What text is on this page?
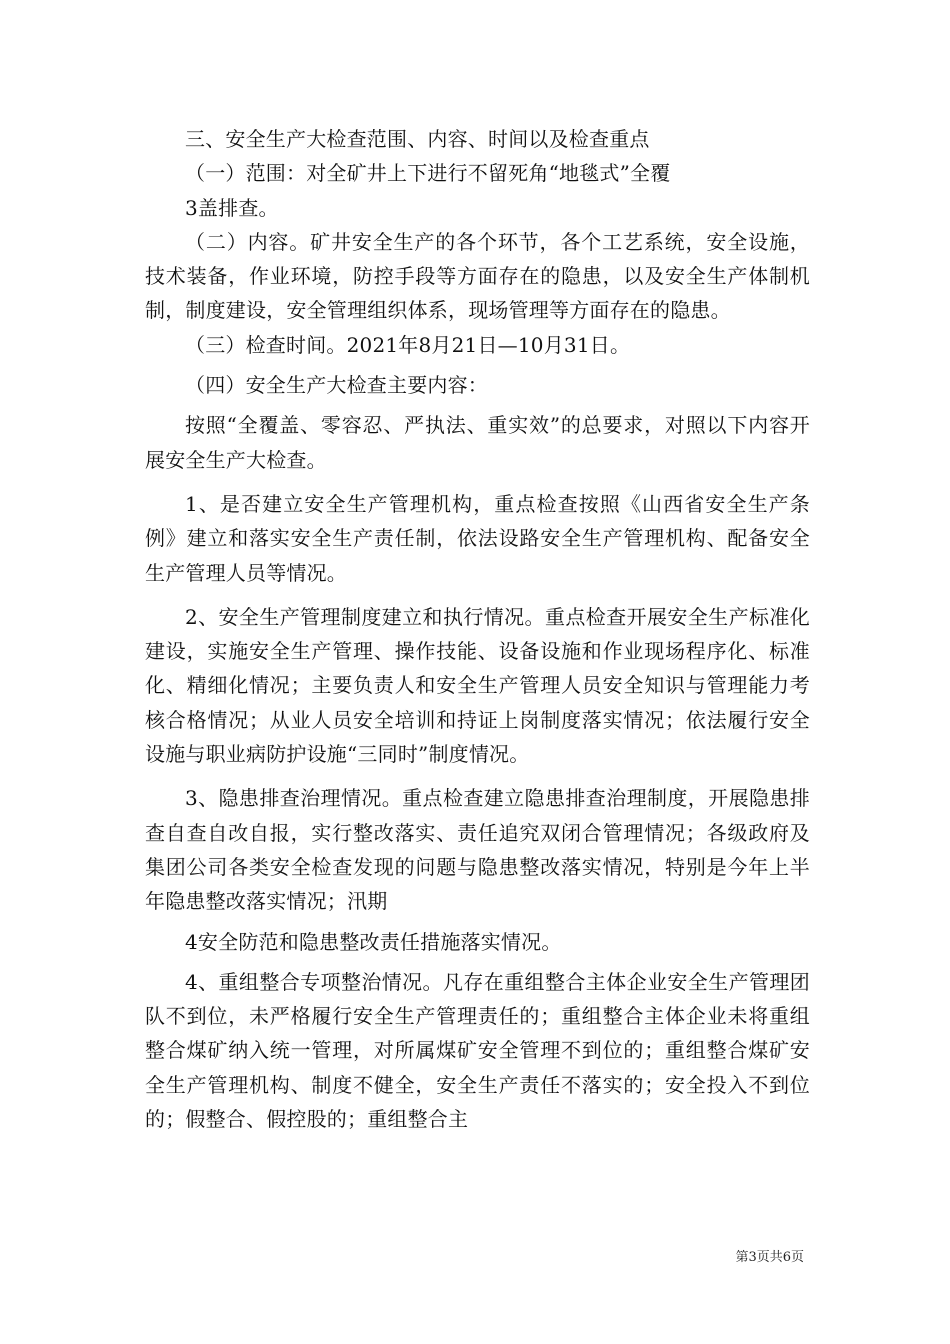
三、安全生产大检查范围、内容、时间以及检查重点

（一）范围：对全矿井上下进行不留死角“地毯式”全覆

3盖排查。

（二）内容。矿井安全生产的各个环节，各个工艺系统，安全设施，技术装备，作业环境，防控手段等方面存在的隐患，以及安全生产体制机制，制度建设，安全管理组织体系，现场管理等方面存在的隐患。

（三）检查时间。2021年8月21日—10月31日。

（四）安全生产大检查主要内容：

按照“全覆盖、零容忍、严执法、重实效”的总要求，对照以下内容开展安全生产大检查。

1、是否建立安全生产管理机构，重点检查按照《山西省安全生产条例》建立和落实安全生产责任制，依法设路安全生产管理机构、配备安全生产管理人员等情况。

2、安全生产管理制度建立和执行情况。重点检查开展安全生产标准化建设，实施安全生产管理、操作技能、设备设施和作业现场程序化、标准化、精细化情况；主要负责人和安全生产管理人员安全知识与管理能力考核合格情况；从业人员安全培训和持证上岗制度落实情况；依法履行安全设施与职业病防护设施“三同时”制度情况。

3、隐患排查治理情况。重点检查建立隐患排查治理制度，开展隐患排查自查自改自报，实行整改落实、责任追究双闭合管理情况；各级政府及集团公司各类安全检查发现的问题与隐患整改落实情况，特别是今年上半年隐患整改落实情况；汛期

4安全防范和隐患整改责任措施落实情况。

4、重组整合专项整治情况。凡存在重组整合主体企业安全生产管理团队不到位，未严格履行安全生产管理责任的；重组整合主体企业未将重组整合煤矿纳入统一管理，对所属煤矿安全管理不到位的；重组整合煤矿安全生产管理机构、制度不健全，安全生产责任不落实的；安全投入不到位的；假整合、假控股的；重组整合主

第3页共6页
